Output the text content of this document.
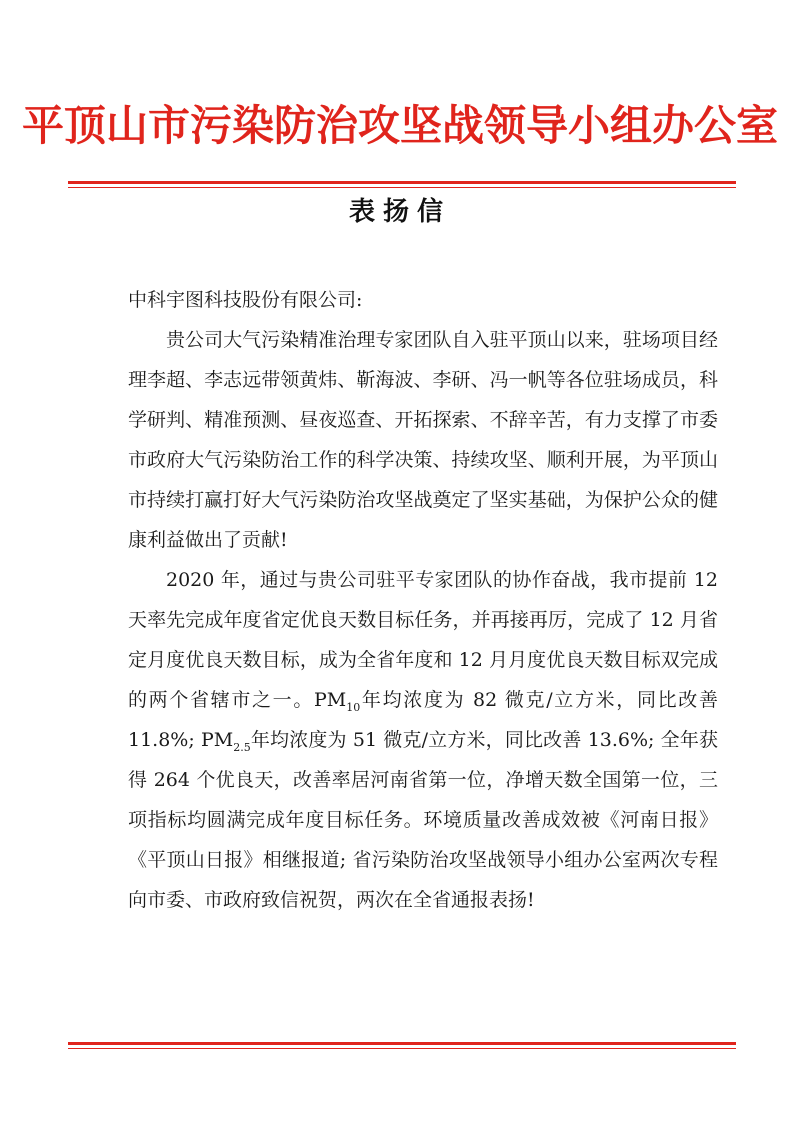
平顶山市污染防治攻坚战领导小组办公室
表扬信

中科宇图科技股份有限公司:

贵公司大气污染精准治理专家团队自入驻平顶山以来，驻场项目经理李超、李志远带领黄炜、靳海波、李研、冯一帆等各位驻场成员，科学研判、精准预测、昼夜巡查、开拓探索、不辞辛苦，有力支撑了市委市政府大气污染防治工作的科学决策、持续攻坚、顺利开展，为平顶山市持续打赢打好大气污染防治攻坚战奠定了坚实基础，为保护公众的健康利益做出了贡献!

2020 年，通过与贵公司驻平专家团队的协作奋战，我市提前 12 天率先完成年度省定优良天数目标任务，并再接再厉，完成了 12 月省定月度优良天数目标，成为全省年度和 12 月月度优良天数目标双完成的两个省辖市之一。$PM_{10}$年均浓度为 82 微克/立方米，同比改善 11.8%; $PM_{2.5}$年均浓度为 51 微克/立方米，同比改善 13.6%; 全年获得 264 个优良天，改善率居河南省第一位，净增天数全国第一位，三项指标均圆满完成年度目标任务。环境质量改善成效被《河南日报》《平顶山日报》相继报道; 省污染防治攻坚战领导小组办公室两次专程向市委、市政府致信祝贺，两次在全省通报表扬!
